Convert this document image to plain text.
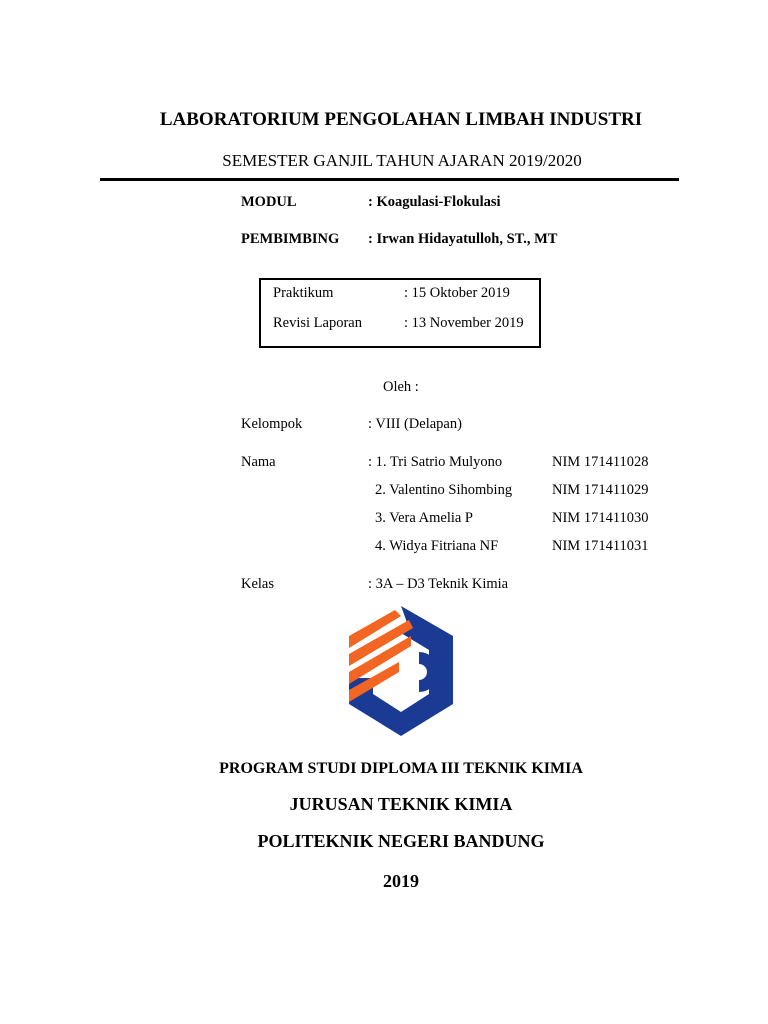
LABORATORIUM PENGOLAHAN LIMBAH INDUSTRI
SEMESTER GANJIL TAHUN AJARAN 2019/2020
MODUL	: Koagulasi-Flokulasi
PEMBIMBING : Irwan Hidayatulloh, ST., MT
Praktikum	: 15 Oktober 2019
Revisi Laporan	: 13 November 2019
Oleh :
Kelompok	: VIII (Delapan)
Nama	: 1. Tri Satrio Mulyono	NIM 171411028
2. Valentino Sihombing	NIM 171411029
3. Vera Amelia P	NIM 171411030
4. Widya Fitriana NF	NIM 171411031
Kelas	: 3A – D3 Teknik Kimia
PROGRAM STUDI DIPLOMA III TEKNIK KIMIA
JURUSAN TEKNIK KIMIA
POLITEKNIK NEGERI BANDUNG
2019
